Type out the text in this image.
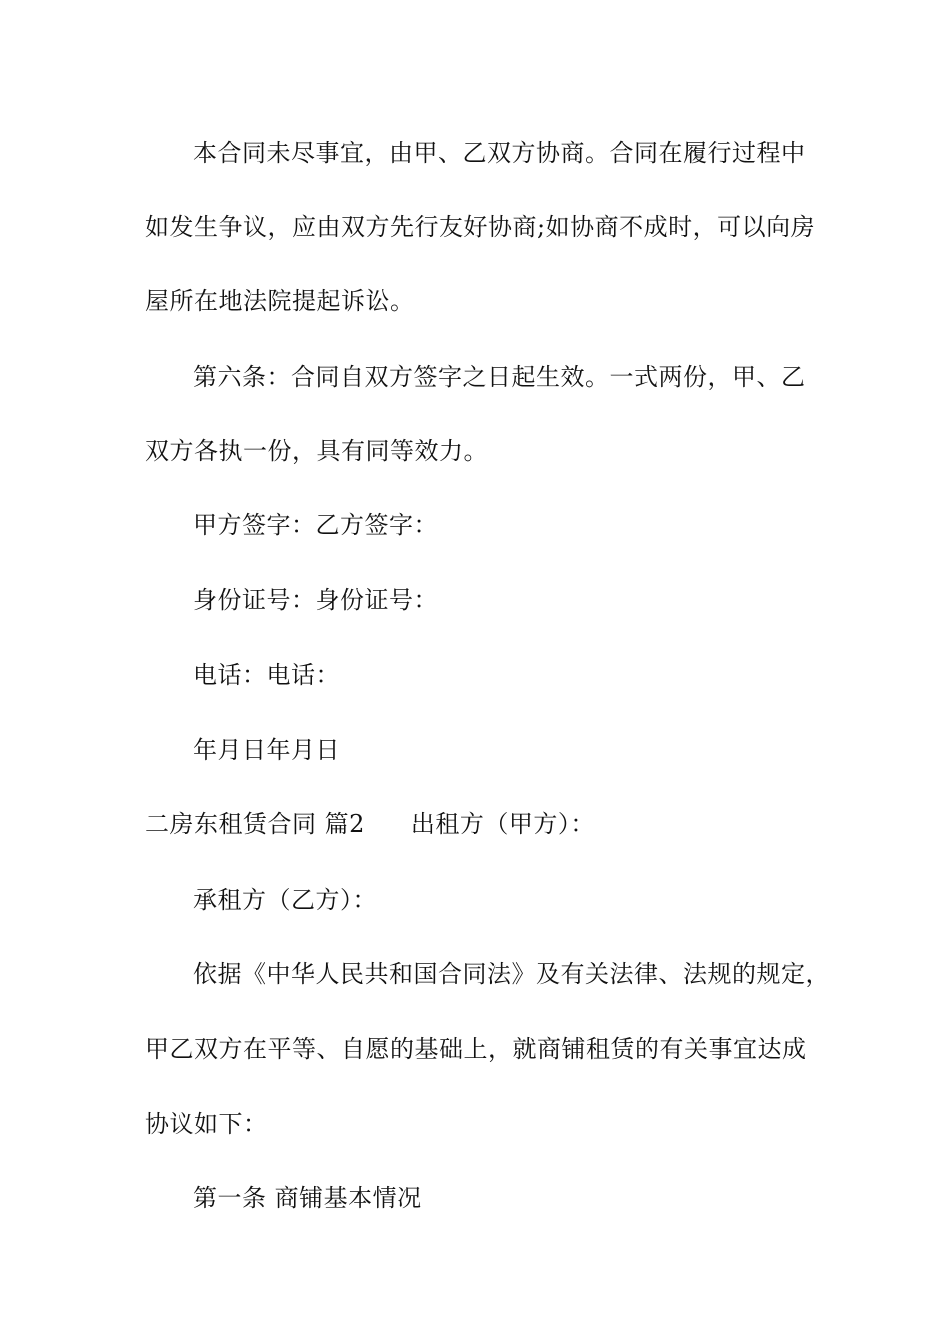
本合同未尽事宜，由甲、乙双方协商。合同在履行过程中
如发生争议，应由双方先行友好协商;如协商不成时，可以向房
屋所在地法院提起诉讼。
第六条：合同自双方签字之日起生效。一式两份，甲、乙
双方各执一份，具有同等效力。
甲方签字：乙方签字：
身份证号：身份证号：
电话：电话：
年月日年月日
二房东租赁合同 篇2 出租方（甲方）：
承租方（乙方）：
依据《中华人民共和国合同法》及有关法律、法规的规定，
甲乙双方在平等、自愿的基础上，就商铺租赁的有关事宜达成
协议如下：
第一条 商铺基本情况
